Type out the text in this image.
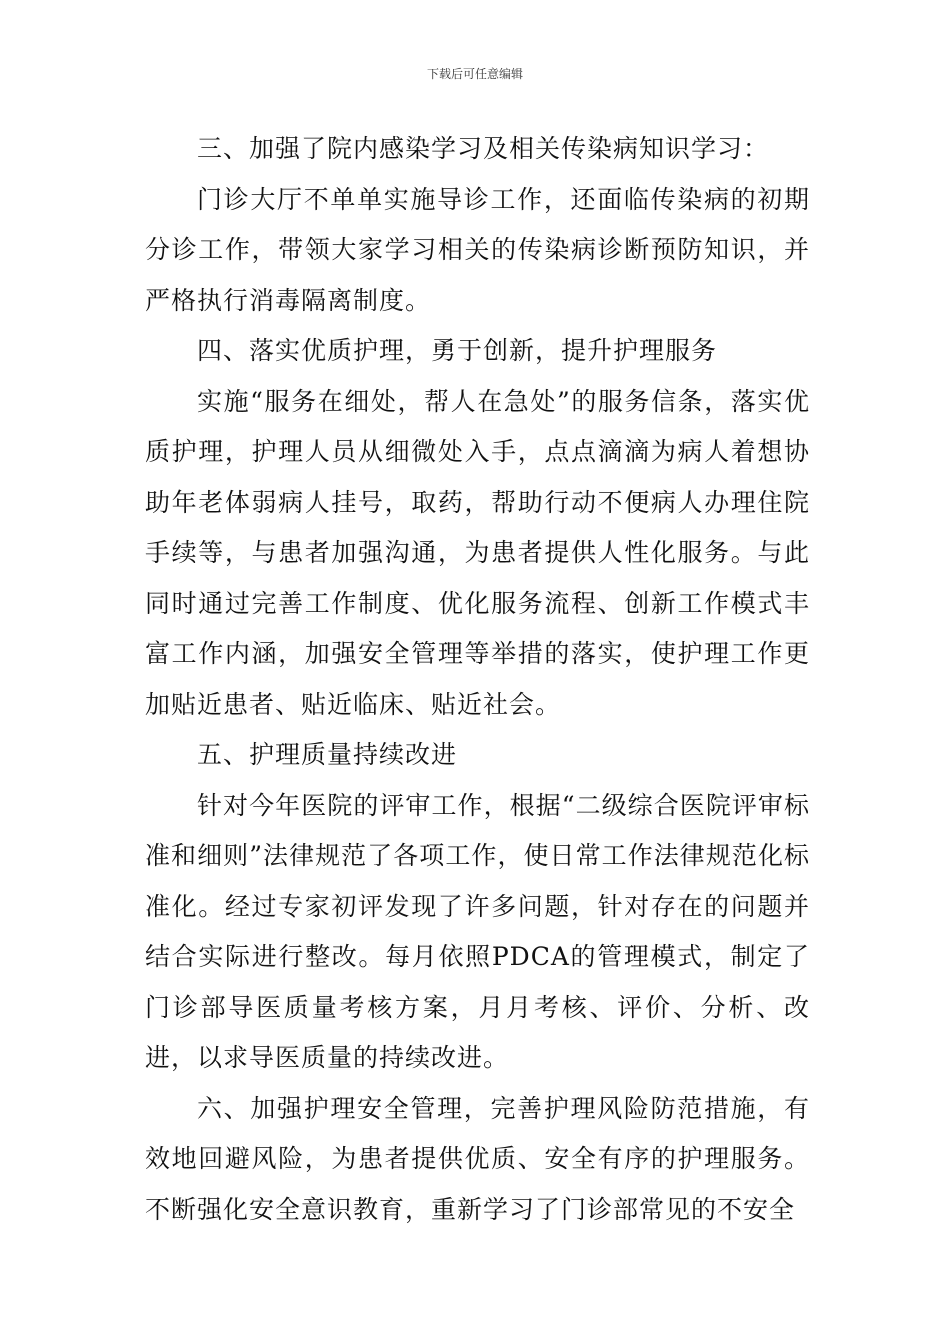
下载后可任意编辑

三、加强了院内感染学习及相关传染病知识学习：

门诊大厅不单单实施导诊工作，还面临传染病的初期分诊工作，带领大家学习相关的传染病诊断预防知识，并严格执行消毒隔离制度。

四、落实优质护理，勇于创新，提升护理服务

实施“服务在细处，帮人在急处”的服务信条，落实优质护理，护理人员从细微处入手，点点滴滴为病人着想协助年老体弱病人挂号，取药，帮助行动不便病人办理住院手续等，与患者加强沟通，为患者提供人性化服务。与此同时通过完善工作制度、优化服务流程、创新工作模式丰富工作内涵，加强安全管理等举措的落实，使护理工作更加贴近患者、贴近临床、贴近社会。

五、护理质量持续改进

针对今年医院的评审工作，根据“二级综合医院评审标准和细则”法律规范了各项工作，使日常工作法律规范化标准化。经过专家初评发现了许多问题，针对存在的问题并结合实际进行整改。每月依照PDCA的管理模式，制定了门诊部导医质量考核方案，月月考核、评价、分析、改进，以求导医质量的持续改进。

六、加强护理安全管理，完善护理风险防范措施，有效地回避风险，为患者提供优质、安全有序的护理服务。不断强化安全意识教育，重新学习了门诊部常见的不安全
